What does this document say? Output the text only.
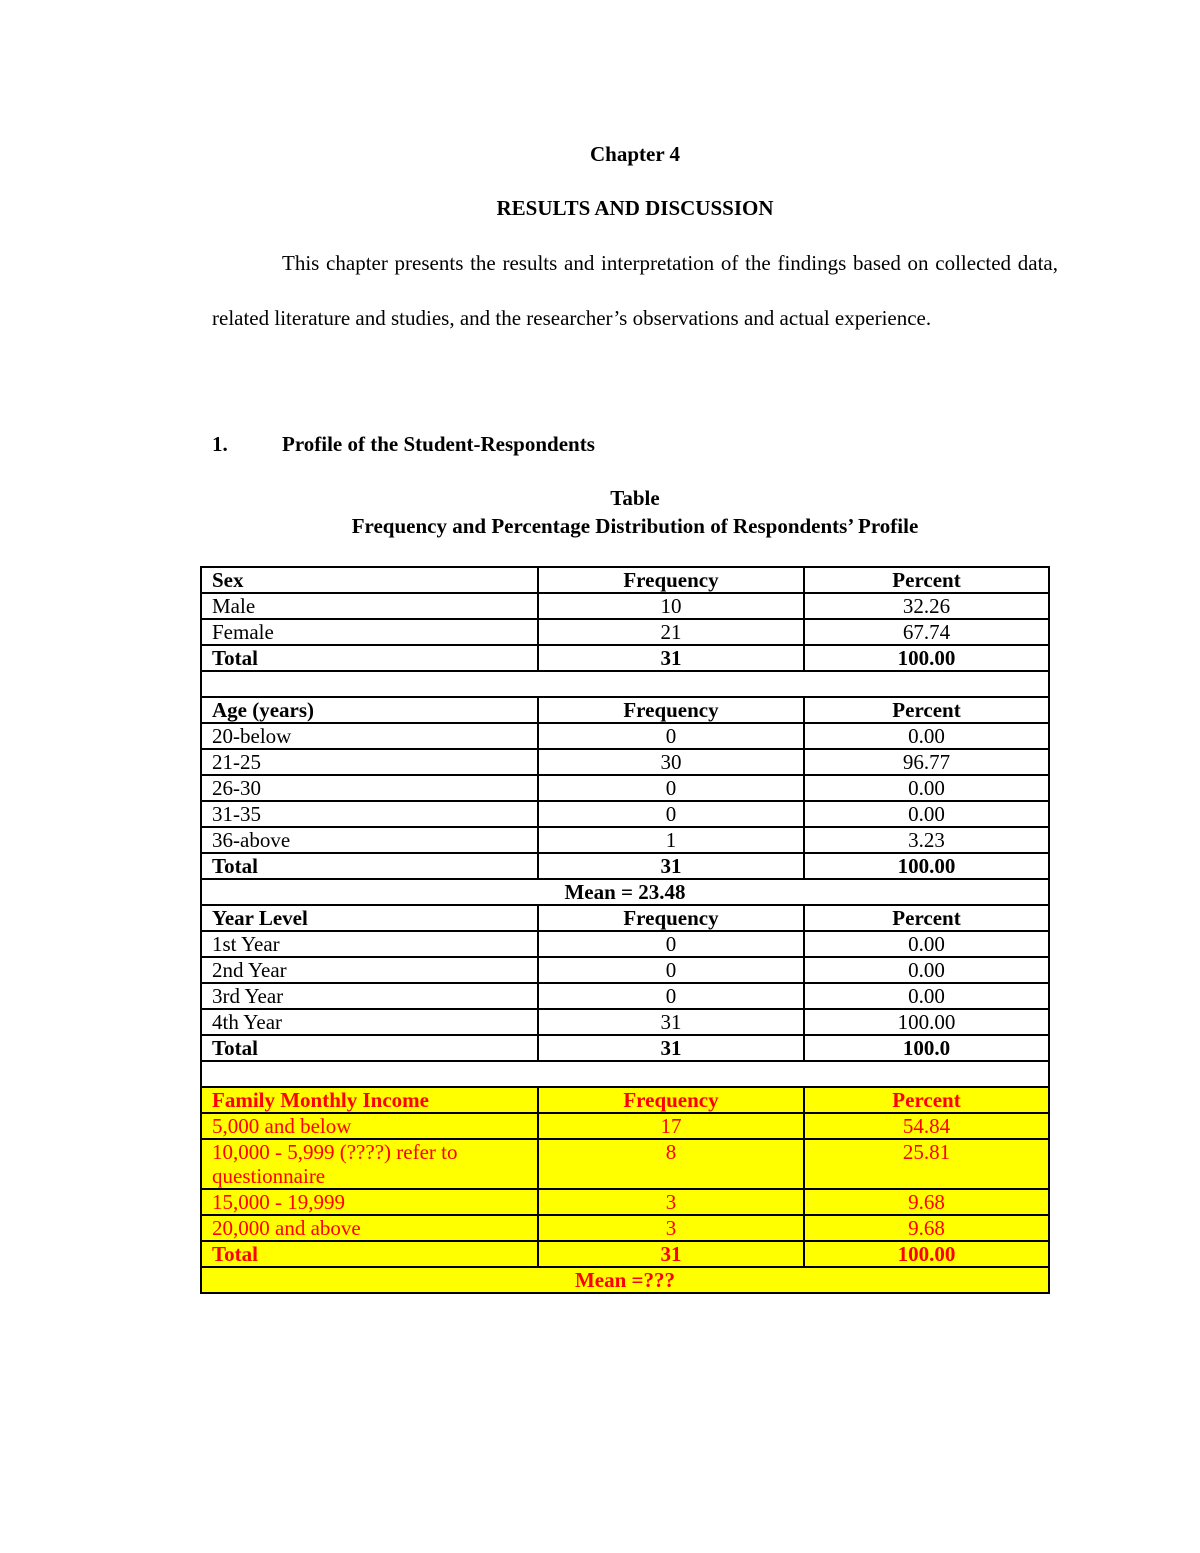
Chapter 4
RESULTS AND DISCUSSION

This chapter presents the results and interpretation of the findings based on collected data, related literature and studies, and the researcher’s observations and actual experience.

1.	Profile of the Student-Respondents
Table
Frequency and Percentage Distribution of Respondents’ Profile
Sex	Frequency	Percent
Male	10	32.26
Female	21	67.74
Total	31	100.00

Age (years)	Frequency	Percent
20-below	0	0.00
21-25	30	96.77
26-30	0	0.00
31-35	0	0.00
36-above	1	3.23
Total	31	100.00
Mean = 23.48		
Year Level	Frequency	Percent
1st Year	0	0.00
2nd Year	0	0.00
3rd Year	0	0.00
4th Year	31	100.00
Total	31	100.0

Family Monthly Income	Frequency	Percent
5,000 and below	17	54.84
10,000 - 5,999 (????) refer to questionnaire	8	25.81
15,000 - 19,999	3	9.68
20,000 and above	3	9.68
Total	31	100.00
Mean =???		
